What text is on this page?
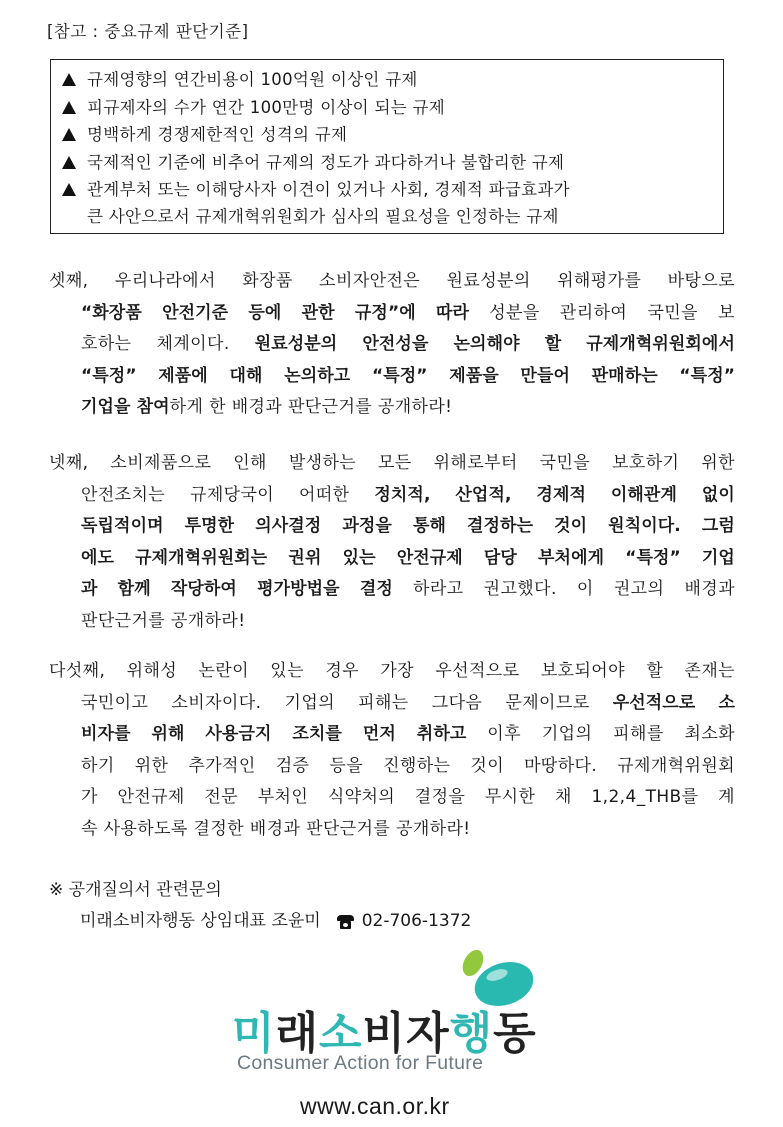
[참고 : 중요규제 판단기준]
규제영향의 연간비용이 100억원 이상인 규제
피규제자의 수가 연간 100만명 이상이 되는 규제
명백하게 경쟁제한적인 성격의 규제
국제적인 기준에 비추어 규제의 정도가 과다하거나 불합리한 규제
관계부처 또는 이해당사자 이견이 있거나 사회, 경제적 파급효과가
큰 사안으로서 규제개혁위원회가 심사의 필요성을 인정하는 규제
셋째, 우리나라에서 화장품 소비자안전은 원료성분의 위해평가를 바탕으로
“화장품 안전기준 등에 관한 규정”에 따라 성분을 관리하여 국민을 보
호하는 체계이다. 원료성분의 안전성을 논의해야 할 규제개혁위원회에서
“특정” 제품에 대해 논의하고 “특정” 제품을 만들어 판매하는 “특정”
기업을 참여 하게 한 배경과 판단근거를 공개하라!
넷째, 소비제품으로 인해 발생하는 모든 위해로부터 국민을 보호하기 위한
안전조치는 규제당국이 어떠한 정치적, 산업적, 경제적 이해관계 없이
독립적이며 투명한 의사결정 과정을 통해 결정하는 것이 원칙이다. 그럼
에도 규제개혁위원회는 권위 있는 안전규제 담당 부처에게 “특정” 기업
과 함께 작당하여 평가방법을 결정 하라고 권고했다. 이 권고의 배경과
판단근거를 공개하라!
다섯째, 위해성 논란이 있는 경우 가장 우선적으로 보호되어야 할 존재는
국민이고 소비자이다. 기업의 피해는 그다음 문제이므로 우선적으로 소
비자를 위해 사용금지 조치를 먼저 취하고 이후 기업의 피해를 최소화
하기 위한 추가적인 검증 등을 진행하는 것이 마땅하다. 규제개혁위원회
가 안전규제 전문 부처인 식약처의 결정을 무시한 채 1,2,4_THB를 계
속 사용하도록 결정한 배경과 판단근거를 공개하라!
※ 공개질의서 관련문의
미래소비자행동 상임대표 조윤미 02-706-1372
미래소비자행동
Consumer Action for Future
www.can.or.kr
